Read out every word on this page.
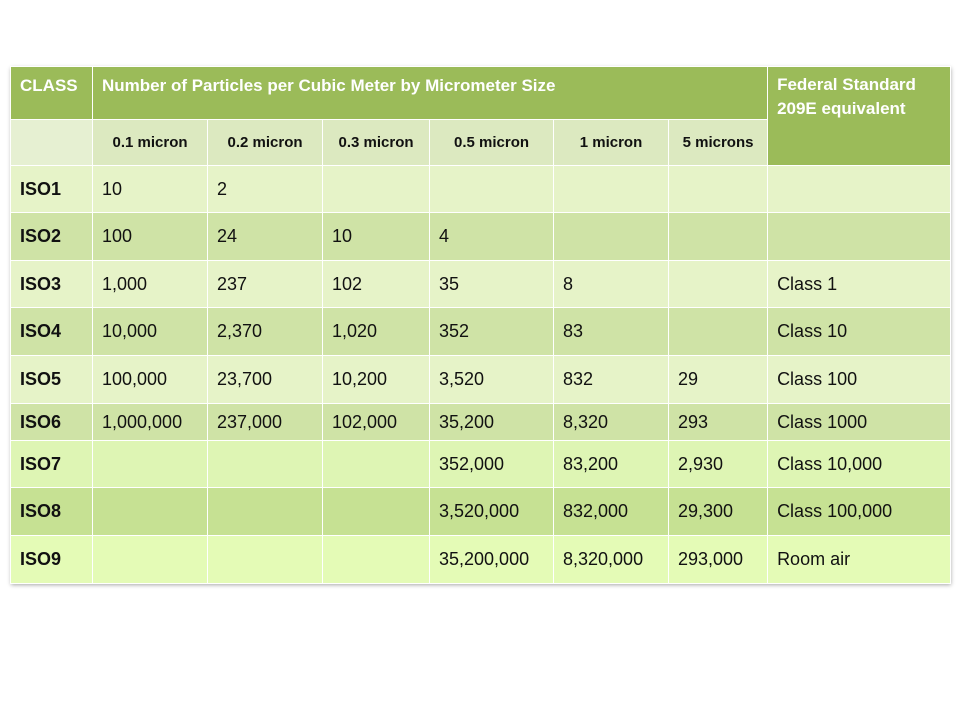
CLASS	Number of Particles per Cubic Meter by Micrometer Size						Federal Standard 209E equivalent
	0.1 micron	0.2 micron	0.3 micron	0.5 micron	1 micron	5 microns	
ISO1	10	2					
ISO2	100	24	10	4			
ISO3	1,000	237	102	35	8		Class 1
ISO4	10,000	2,370	1,020	352	83		Class 10
ISO5	100,000	23,700	10,200	3,520	832	29	Class 100
ISO6	1,000,000	237,000	102,000	35,200	8,320	293	Class 1000
ISO7				352,000	83,200	2,930	Class 10,000
ISO8				3,520,000	832,000	29,300	Class 100,000
ISO9				35,200,000	8,320,000	293,000	Room air
